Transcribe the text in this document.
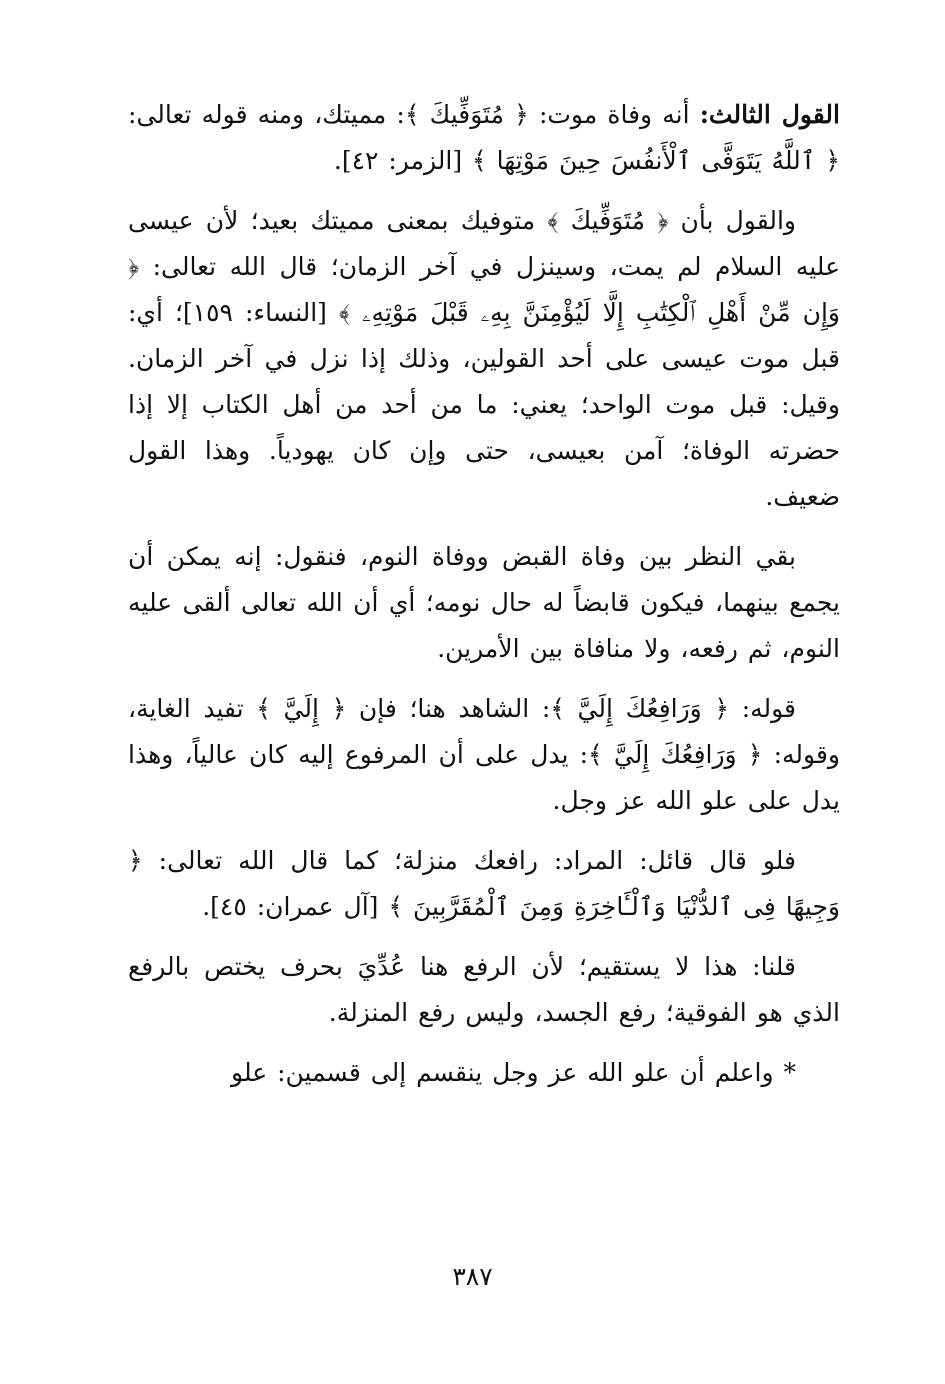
القول الثالث: أنه وفاة موت: ﴿ مُتَوَفِّيكَ ﴾: مميتك، ومنه قوله تعالى: ﴿ ٱللَّهُ يَتَوَفَّى ٱلْأَنفُسَ حِينَ مَوْتِهَا ﴾ [الزمر: ٤٢].

والقول بأن ﴿ مُتَوَفِّيكَ ﴾ متوفيك بمعنى مميتك بعيد؛ لأن عيسى عليه السلام لم يمت، وسينزل في آخر الزمان؛ قال الله تعالى: ﴿ وَإِن مِّنْ أَهْلِ ٱلْكِتَٰبِ إِلَّا لَيُؤْمِنَنَّ بِهِۦ قَبْلَ مَوْتِهِۦ ﴾ [النساء: ١٥٩]؛ أي: قبل موت عيسى على أحد القولين، وذلك إذا نزل في آخر الزمان. وقيل: قبل موت الواحد؛ يعني: ما من أحد من أهل الكتاب إلا إذا حضرته الوفاة؛ آمن بعيسى، حتى وإن كان يهودياً. وهذا القول ضعيف.

بقي النظر بين وفاة القبض ووفاة النوم، فنقول: إنه يمكن أن يجمع بينهما، فيكون قابضاً له حال نومه؛ أي أن الله تعالى ألقى عليه النوم، ثم رفعه، ولا منافاة بين الأمرين.

قوله: ﴿ وَرَافِعُكَ إِلَيَّ ﴾: الشاهد هنا؛ فإن ﴿ إِلَيَّ ﴾ تفيد الغاية، وقوله: ﴿ وَرَافِعُكَ إِلَيَّ ﴾: يدل على أن المرفوع إليه كان عالياً، وهذا يدل على علو الله عز وجل.

فلو قال قائل: المراد: رافعك منزلة؛ كما قال الله تعالى: ﴿ وَجِيهًا فِى ٱلدُّنْيَا وَٱلْـَٔاخِرَةِ وَمِنَ ٱلْمُقَرَّبِينَ ﴾ [آل عمران: ٤٥].

قلنا: هذا لا يستقيم؛ لأن الرفع هنا عُدِّيَ بحرف يختص بالرفع الذي هو الفوقية؛ رفع الجسد، وليس رفع المنزلة.

* واعلم أن علو الله عز وجل ينقسم إلى قسمين: علو

٣٨٧
